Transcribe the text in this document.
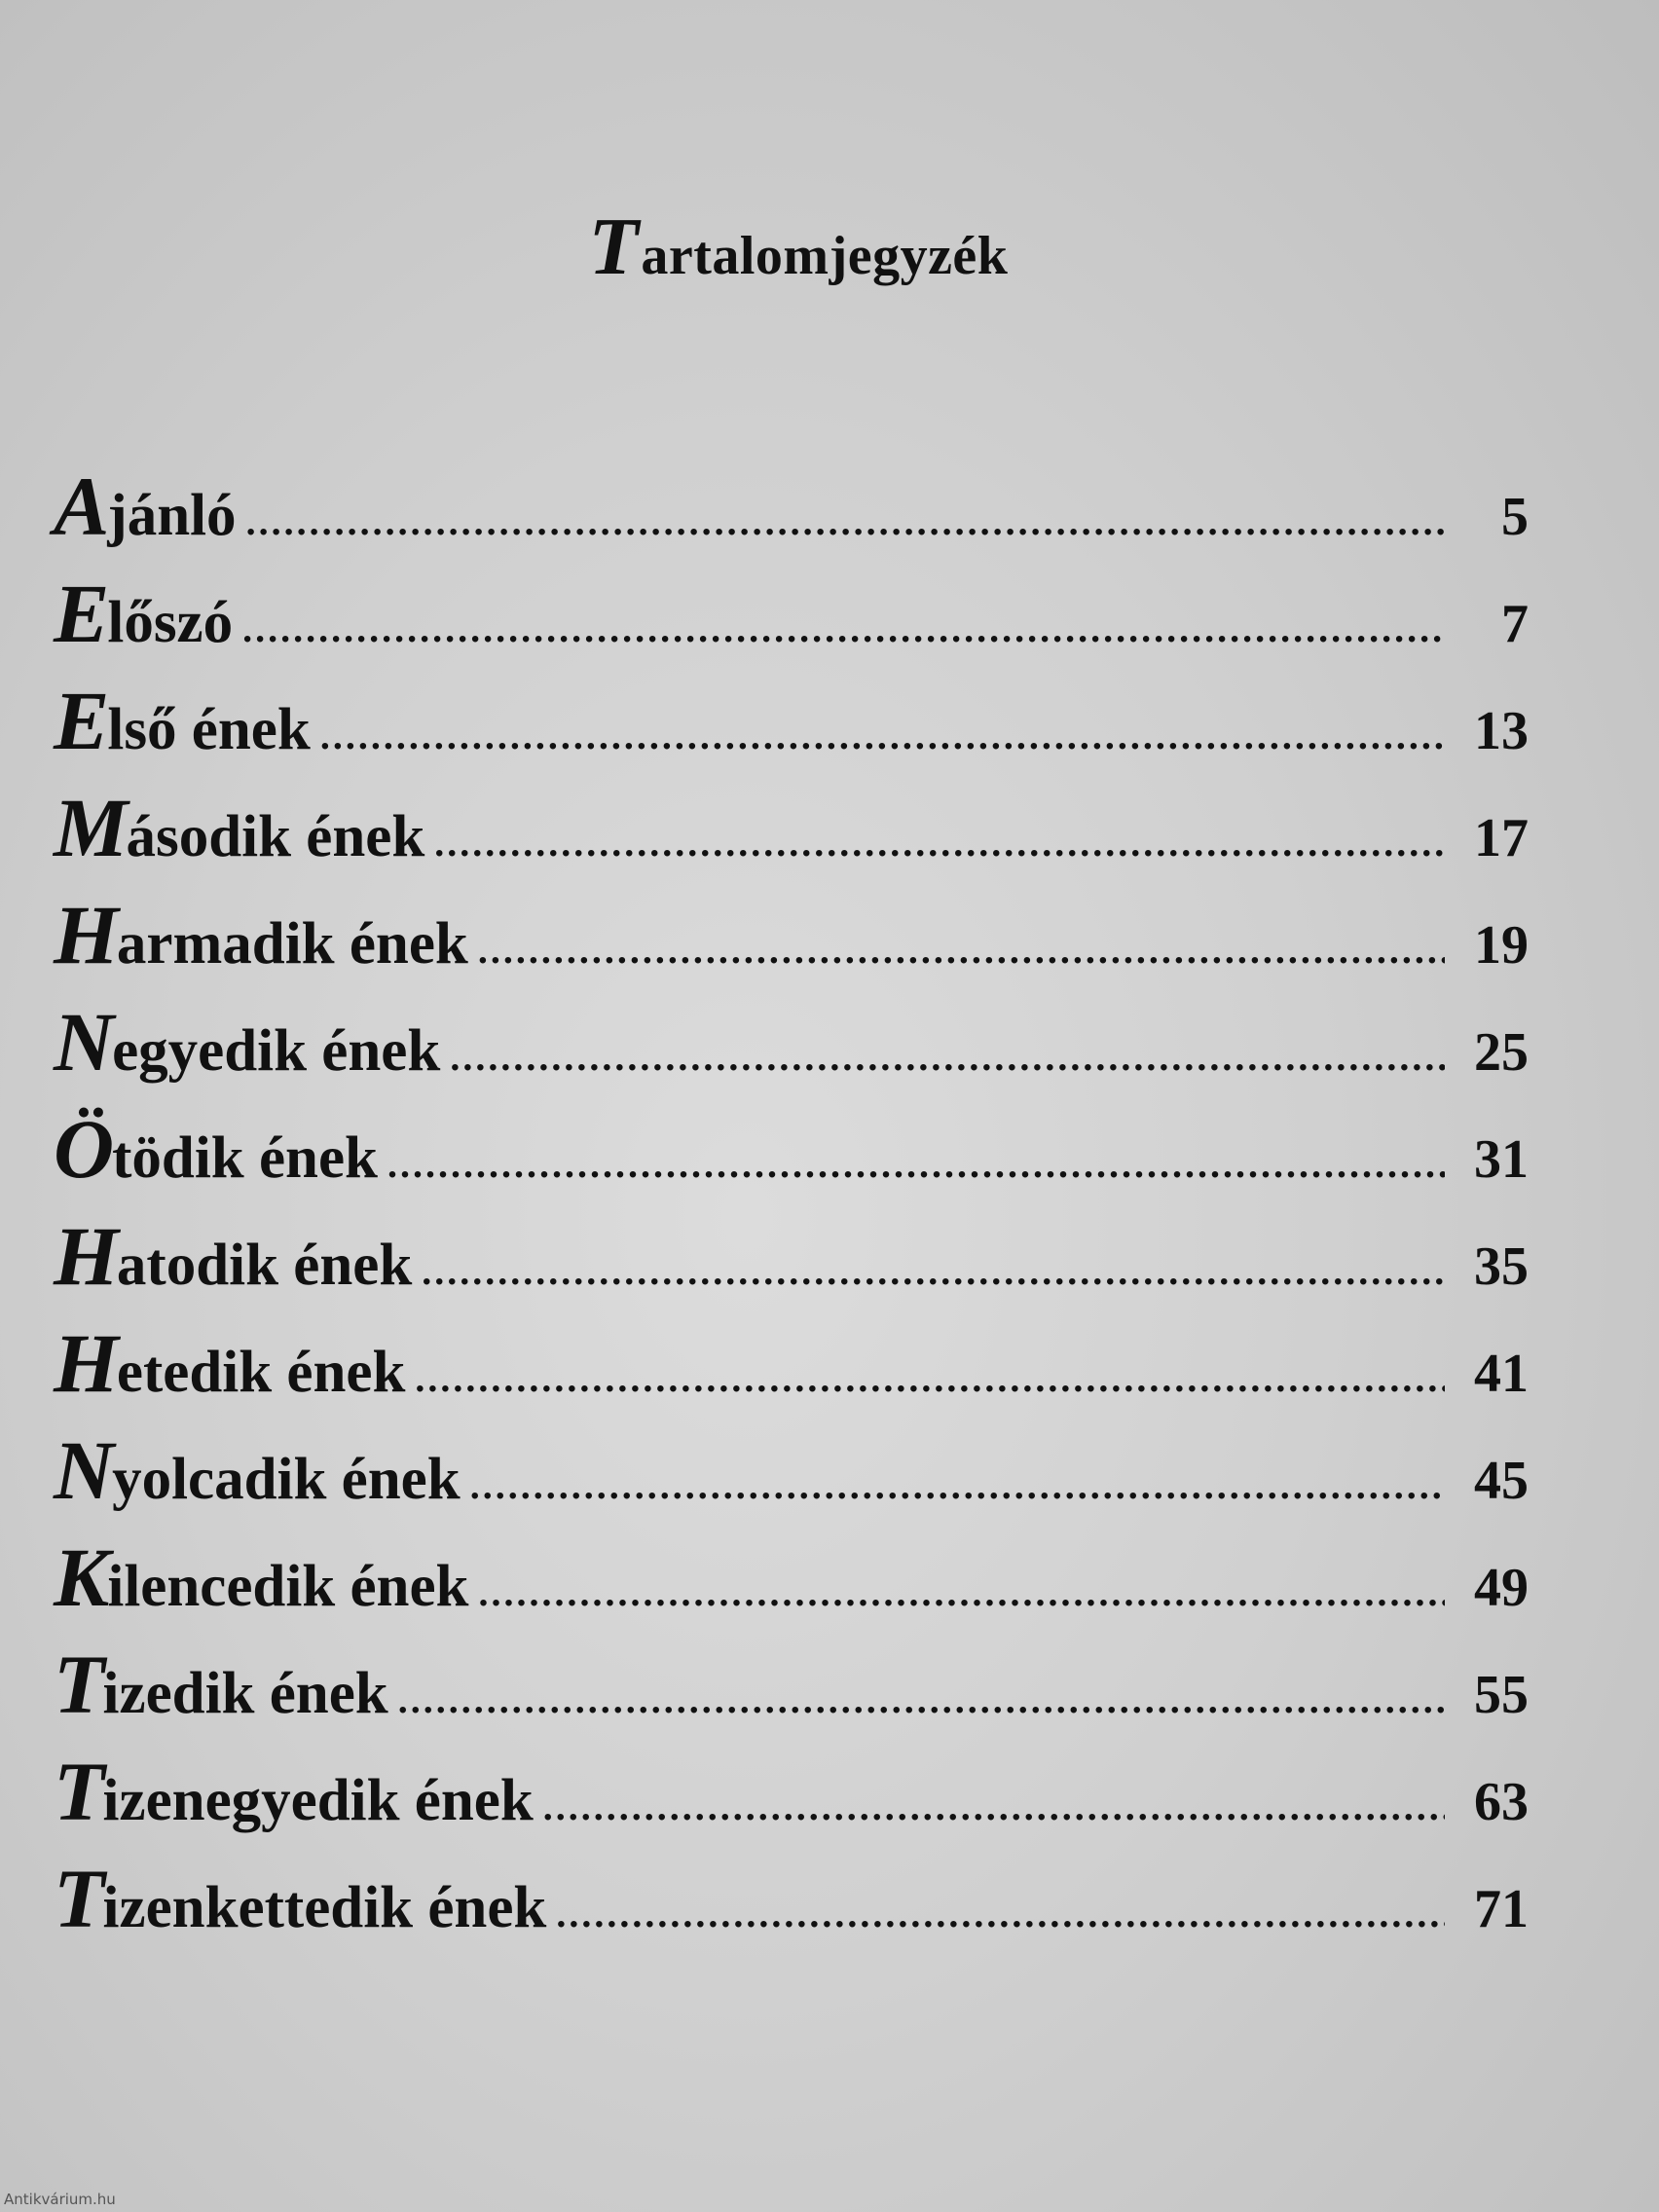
Tartalomjegyzék
Ajánló .....	5
Előszó .....	7
Első ének .....	13
Második ének .....	17
Harmadik ének .....	19
Negyedik ének .....	25
Ötödik ének .....	31
Hatodik ének .....	35
Hetedik ének .....	41
Nyolcadik ének .....	45
Kilencedik ének .....	49
Tizedik ének .....	55
Tizenegyedik ének .....	63
Tizenkettedik ének .....	71
Antikvárium.hu
